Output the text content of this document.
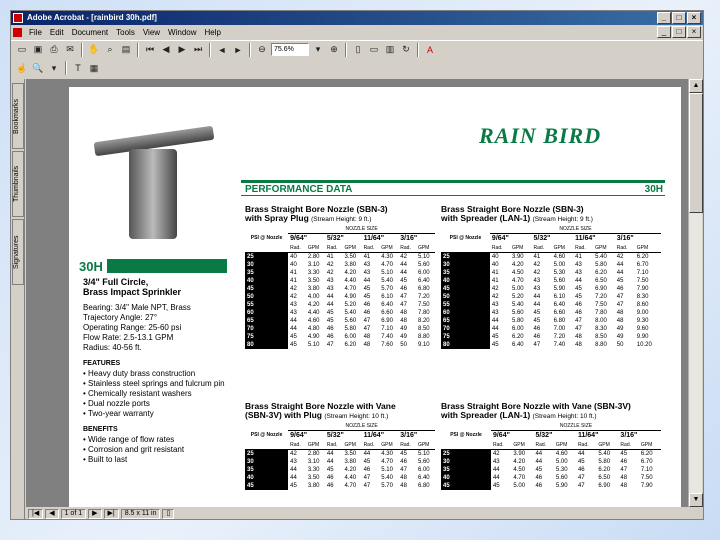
Adobe Acrobat - [rainbird 30h.pdf]	_	□	×
File	Edit	Document	Tools	View	Window	Help	_	□	×
▭ ▣ ⎙ ✉	✋ ⌕	▤	⏮ ◀	▶ ⏭	◄ ►	⊖	75.6%	▾	⊕	▯	▭ ▥ ↻	A
☝ 🔍 ▾	T ▦
Bookmarks
Thumbnails
Signatures
RAIN BIRD
PERFORMANCE DATA	30H
30H
3/4" Full Circle,
Brass Impact Sprinkler
Bearing: 3/4" Male NPT, Brass
Trajectory Angle: 27°
Operating Range: 25-60 psi
Flow Rate: 2.5-13.1 GPM
Radius: 40-56 ft.
FEATURES
• Heavy duty brass construction
• Stainless steel springs and fulcrum pin
• Chemically resistant washers
• Dual nozzle ports
• Two-year warranty
BENEFITS
• Wide range of flow rates
• Corrosion and grit resistant
• Built to last
Brass Straight Bore Nozzle (SBN-3)
with Spray Plug (Stream Height: 9 ft.)
Brass Straight Bore Nozzle (SBN-3)
with Spreader (LAN-1) (Stream Height: 9 ft.)
Brass Straight Bore Nozzle with Vane
(SBN-3V) with Plug (Stream Height: 10 ft.)
Brass Straight Bore Nozzle with Vane (SBN-3V)
with Spreader (LAN-1) (Stream Height: 10 ft.)
PSI @ Nozzle	NOZZLE SIZE							
	9/64"		5/32"		11/64"		3/16"	
	Rad.	GPM	Rad.	GPM	Rad.	GPM	Rad.	GPM
25	40	2.80	41	3.50	41	4.30	42	5.10
30	40	3.10	42	3.80	43	4.70	44	5.60
35	41	3.30	42	4.20	43	5.10	44	6.00
40	41	3.50	43	4.40	44	5.40	45	6.40
45	42	3.80	43	4.70	45	5.70	46	6.80
50	42	4.00	44	4.90	45	6.10	47	7.20
55	43	4.20	44	5.20	46	6.40	47	7.50
60	43	4.40	45	5.40	46	6.60	48	7.80
65	44	4.60	45	5.60	47	6.90	48	8.20
70	44	4.80	46	5.80	47	7.10	49	8.50
75	45	4.90	46	6.00	48	7.40	49	8.80
80	45	5.10	47	6.20	48	7.60	50	9.10
PSI @ Nozzle	NOZZLE SIZE							
	9/64"		5/32"		11/64"		3/16"	
	Rad.	GPM	Rad.	GPM	Rad.	GPM	Rad.	GPM
25	40	3.90	41	4.60	41	5.40	42	6.20
30	40	4.20	42	5.00	43	5.80	44	6.70
35	41	4.50	42	5.30	43	6.20	44	7.10
40	41	4.70	43	5.60	44	6.50	45	7.50
45	42	5.00	43	5.90	45	6.90	46	7.90
50	42	5.20	44	6.10	45	7.20	47	8.30
55	43	5.40	44	6.40	46	7.50	47	8.60
60	43	5.60	45	6.60	46	7.80	48	9.00
65	44	5.80	45	6.80	47	8.00	48	9.30
70	44	6.00	46	7.00	47	8.30	49	9.60
75	45	6.20	46	7.20	48	8.50	49	9.90
80	45	6.40	47	7.40	48	8.80	50	10.20
PSI @ Nozzle	NOZZLE SIZE							
	9/64"		5/32"		11/64"		3/16"	
	Rad.	GPM	Rad.	GPM	Rad.	GPM	Rad.	GPM
25	42	2.80	44	3.50	44	4.30	45	5.10
30	43	3.10	44	3.80	45	4.70	46	5.60
35	44	3.30	45	4.20	46	5.10	47	6.00
40	44	3.50	46	4.40	47	5.40	48	6.40
45	45	3.80	46	4.70	47	5.70	48	6.80
PSI @ Nozzle	NOZZLE SIZE							
	9/64"		5/32"		11/64"		3/16"	
	Rad.	GPM	Rad.	GPM	Rad.	GPM	Rad.	GPM
25	42	3.90	44	4.60	44	5.40	45	6.20
30	43	4.20	44	5.00	45	5.80	46	6.70
35	44	4.50	45	5.30	46	6.20	47	7.10
40	44	4.70	46	5.60	47	6.50	48	7.50
45	45	5.00	46	5.90	47	6.90	48	7.90
▲
▼
|◀	◀	1 of 1	▶	▶|	8.5 x 11 in	▯
